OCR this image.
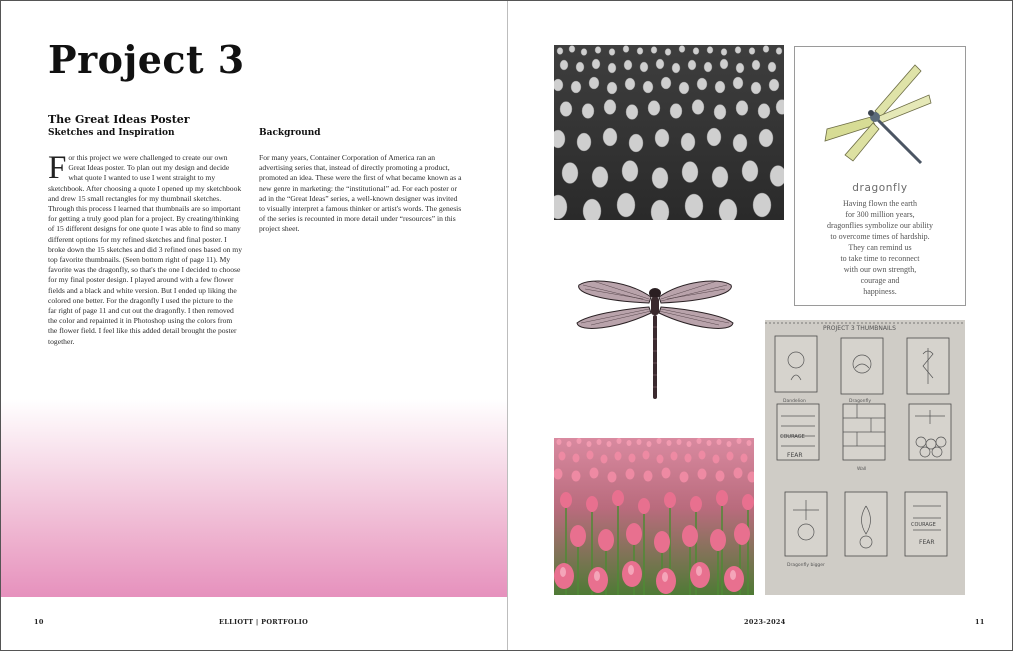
Project 3
The Great Ideas Poster
Sketches and Inspiration	Background

For this project we were challenged to create our own Great Ideas poster. To plan out my design and decide what quote I wanted to use I went straight to my sketchbook. After choosing a quote I opened up my sketchbook and drew 15 small rectangles for my thumbnail sketches. Through this process I learned that thumbnails are so important for getting a truly good plan for a project. By creating/thinking of 15 different designs for one quote I was able to find so many different options for my refined sketches and final poster. I broke down the 15 sketches and did 3 refined ones based on my top favorite thumbnails. (Seen bottom right of page 11). My favorite was the dragonfly, so that's the one I decided to choose for my final poster design. I played around with a few flower fields and a black and white version. But I ended up liking the colored one better. For the dragonfly I used the picture to the far right of page 11 and cut out the dragonfly. I then removed the color and repainted it in Photoshop using the colors from the flower field. I feel like this added detail brought the poster together.

For many years, Container Corporation of America ran an advertising series that, instead of directly promoting a product, promoted an idea. These were the first of what became known as a new genre in marketing: the “institutional” ad. For each poster or ad in the “Great Ideas” series, a well-known designer was invited to visually interpret a famous thinker or artist's words. The genesis of the series is recounted in more detail under “resources” in this project sheet.

10	ELLIOTT | PORTFOLIO
dragonfly
Having flown the earth
for 300 million years,
dragonflies symbolize our ability
to overcome times of hardship.
They can remind us
to take time to reconnect
with our own strength,
courage and
happiness.
PROJECT 3 THUMBNAILS
COURAGE
FEAR
COURAGE
FEAR
Dandelion	Dragonfly
Wall
Dragonfly bigger
2023-2024	11
